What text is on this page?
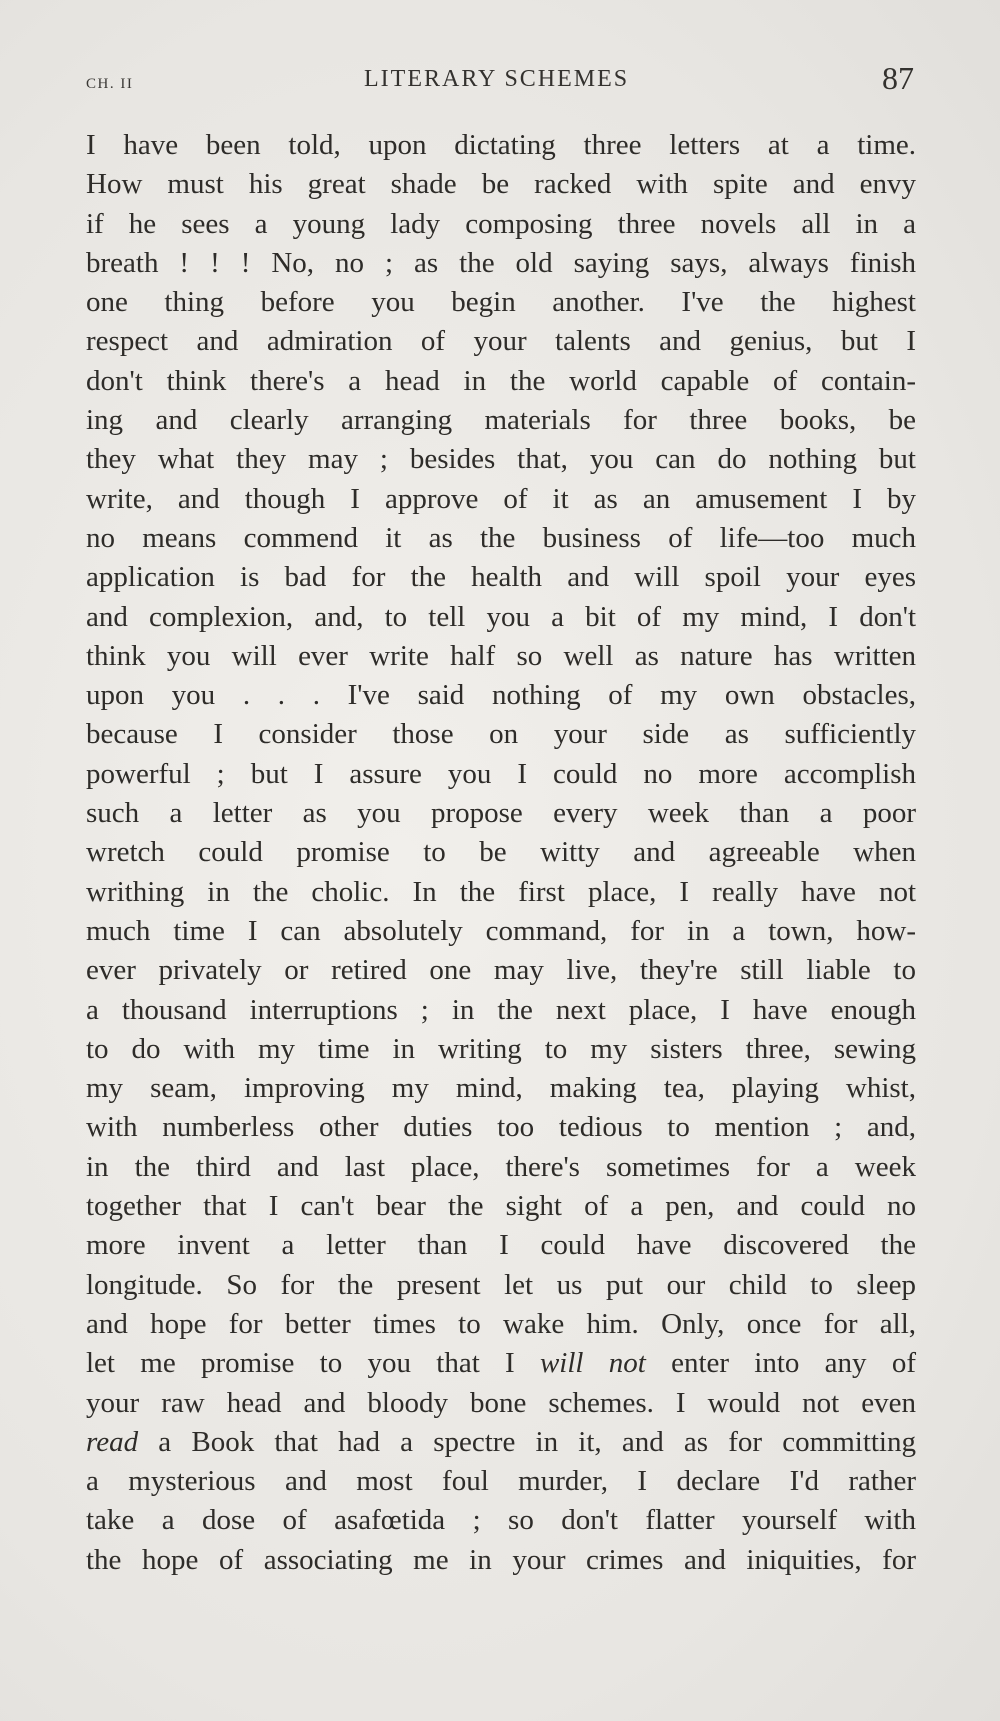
CH. II	LITERARY SCHEMES	87
I have been told, upon dictating three letters at a time.
How must his great shade be racked with spite and envy
if he sees a young lady composing three novels all in a
breath ! ! ! No, no ; as the old saying says, always finish
one thing before you begin another. I've the highest
respect and admiration of your talents and genius, but I
don't think there's a head in the world capable of contain-
ing and clearly arranging materials for three books, be
they what they may ; besides that, you can do nothing but
write, and though I approve of it as an amusement I by
no means commend it as the business of life—too much
application is bad for the health and will spoil your eyes
and complexion, and, to tell you a bit of my mind, I don't
think you will ever write half so well as nature has written
upon you . . . I've said nothing of my own obstacles,
because I consider those on your side as sufficiently
powerful ; but I assure you I could no more accomplish
such a letter as you propose every week than a poor
wretch could promise to be witty and agreeable when
writhing in the cholic. In the first place, I really have not
much time I can absolutely command, for in a town, how-
ever privately or retired one may live, they're still liable to
a thousand interruptions ; in the next place, I have enough
to do with my time in writing to my sisters three, sewing
my seam, improving my mind, making tea, playing whist,
with numberless other duties too tedious to mention ; and,
in the third and last place, there's sometimes for a week
together that I can't bear the sight of a pen, and could no
more invent a letter than I could have discovered the
longitude. So for the present let us put our child to sleep
and hope for better times to wake him. Only, once for all,
let me promise to you that I will not enter into any of
your raw head and bloody bone schemes. I would not even
read a Book that had a spectre in it, and as for committing
a mysterious and most foul murder, I declare I'd rather
take a dose of asafœtida ; so don't flatter yourself with
the hope of associating me in your crimes and iniquities, for
